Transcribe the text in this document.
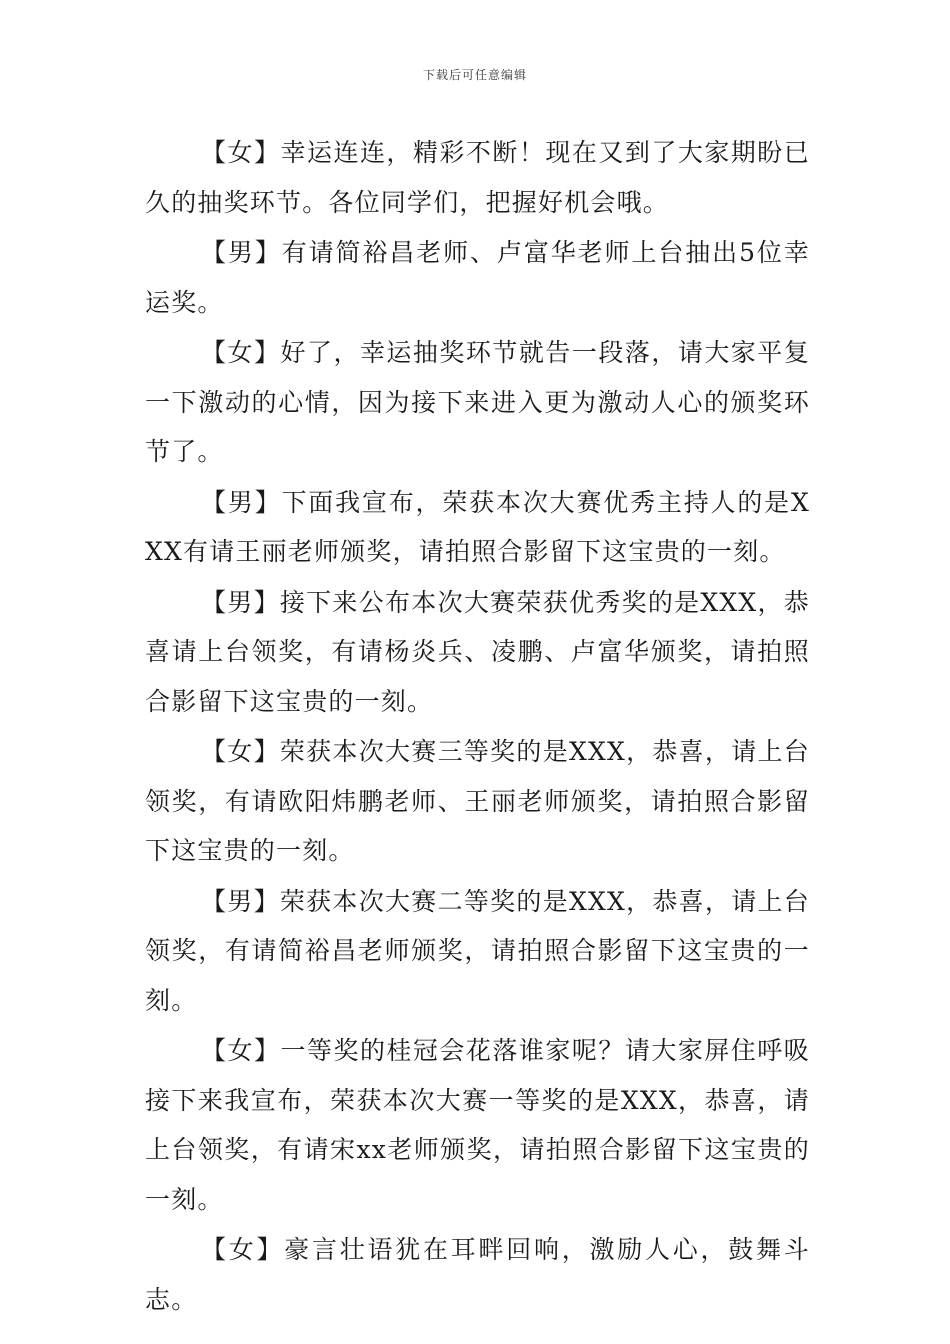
下载后可任意编辑

【女】幸运连连，精彩不断！现在又到了大家期盼已久的抽奖环节。各位同学们，把握好机会哦。

【男】有请简裕昌老师、卢富华老师上台抽出5位幸运奖。

【女】好了，幸运抽奖环节就告一段落，请大家平复一下激动的心情，因为接下来进入更为激动人心的颁奖环节了。

【男】下面我宣布，荣获本次大赛优秀主持人的是XXX有请王丽老师颁奖，请拍照合影留下这宝贵的一刻。

【男】接下来公布本次大赛荣获优秀奖的是XXX，恭喜请上台领奖，有请杨炎兵、凌鹏、卢富华颁奖，请拍照合影留下这宝贵的一刻。

【女】荣获本次大赛三等奖的是XXX，恭喜，请上台领奖，有请欧阳炜鹏老师、王丽老师颁奖，请拍照合影留下这宝贵的一刻。

【男】荣获本次大赛二等奖的是XXX，恭喜，请上台领奖，有请简裕昌老师颁奖，请拍照合影留下这宝贵的一刻。

【女】一等奖的桂冠会花落谁家呢？请大家屏住呼吸接下来我宣布，荣获本次大赛一等奖的是XXX，恭喜，请上台领奖，有请宋xx老师颁奖，请拍照合影留下这宝贵的一刻。

【女】豪言壮语犹在耳畔回响，激励人心，鼓舞斗志。
